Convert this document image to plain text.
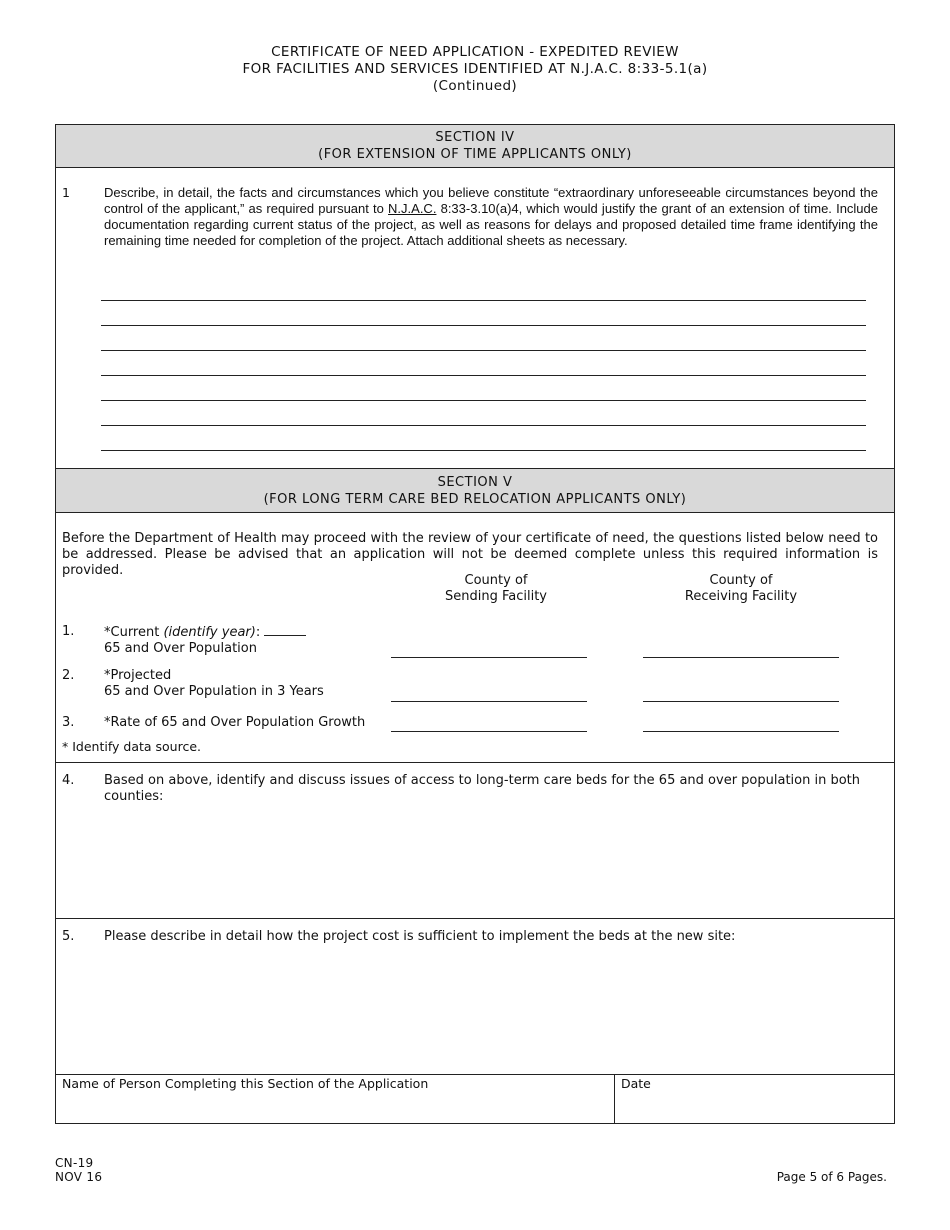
CERTIFICATE OF NEED APPLICATION - EXPEDITED REVIEW
FOR FACILITIES AND SERVICES IDENTIFIED AT N.J.A.C. 8:33-5.1(a)
(Continued)
SECTION IV
(FOR EXTENSION OF TIME APPLICANTS ONLY)
1	Describe, in detail, the facts and circumstances which you believe constitute “extraordinary unforeseeable circumstances beyond the control of the applicant,” as required pursuant to N.J.A.C. 8:33-3.10(a)4, which would justify the grant of an extension of time. Include documentation regarding current status of the project, as well as reasons for delays and proposed detailed time frame identifying the remaining time needed for completion of the project. Attach additional sheets as necessary.
SECTION V
(FOR LONG TERM CARE BED RELOCATION APPLICANTS ONLY)
Before the Department of Health may proceed with the review of your certificate of need, the questions listed below need to be addressed. Please be advised that an application will not be deemed complete unless this required information is provided.
County of
Sending Facility
County of
Receiving Facility
1. *Current (identify year):
65 and Over Population
2. *Projected
65 and Over Population in 3 Years
3. *Rate of 65 and Over Population Growth
* Identify data source.
4. Based on above, identify and discuss issues of access to long-term care beds for the 65 and over population in both counties:
5. Please describe in detail how the project cost is sufficient to implement the beds at the new site:
Name of Person Completing this Section of the Application	Date
CN-19
NOV 16	Page 5 of 6 Pages.
